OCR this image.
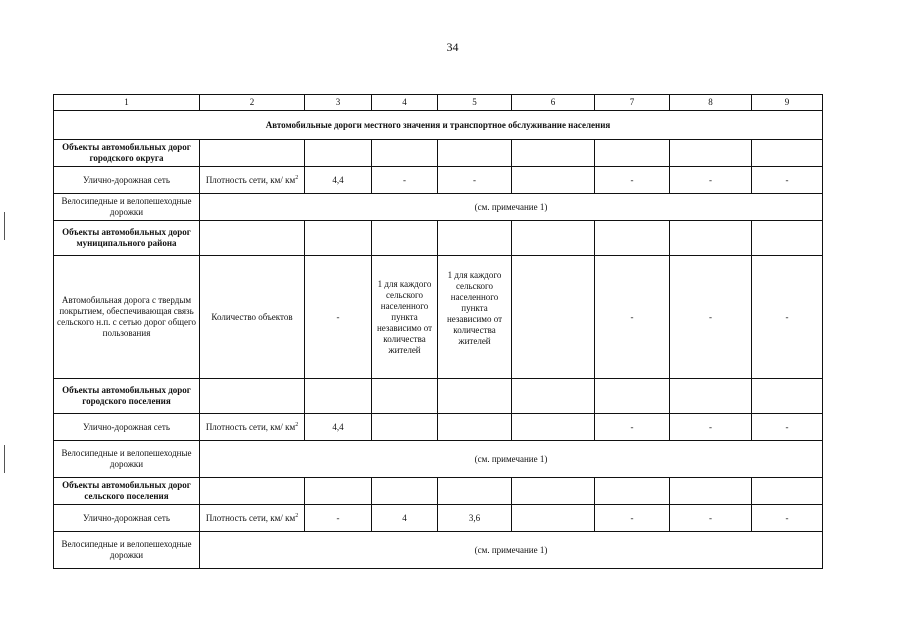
34
1	2	3	4	5	6	7	8	9
Автомобильные дороги местного значения и транспортное обслуживание населения								
Объекты автомобильных дорог городского округа								
Улично-дорожная сеть	Плотность сети, км/ $км^2$	4,4	-	-		-	-	-
Велосипедные и велопешеходные дорожки	(см. примечание 1)							
Объекты автомобильных дорог муниципального района								
Автомобильная дорога с твердым покрытием, обеспечивающая связь сельского н.п. с сетью дорог общего пользования	Количество объектов	-	1 для каждого сельского населенного пункта независимо от количества жителей	1 для каждого сельского населенного пункта независимо от количества жителей		-	-	-
Объекты автомобильных дорог городского поселения								
Улично-дорожная сеть	Плотность сети, км/ $км^2$	4,4				-	-	-
Велосипедные и велопешеходные дорожки	(см. примечание 1)							
Объекты автомобильных дорог сельского поселения								
Улично-дорожная сеть	Плотность сети, км/ $км^2$	-	4	3,6		-	-	-
Велосипедные и велопешеходные дорожки	(см. примечание 1)							
